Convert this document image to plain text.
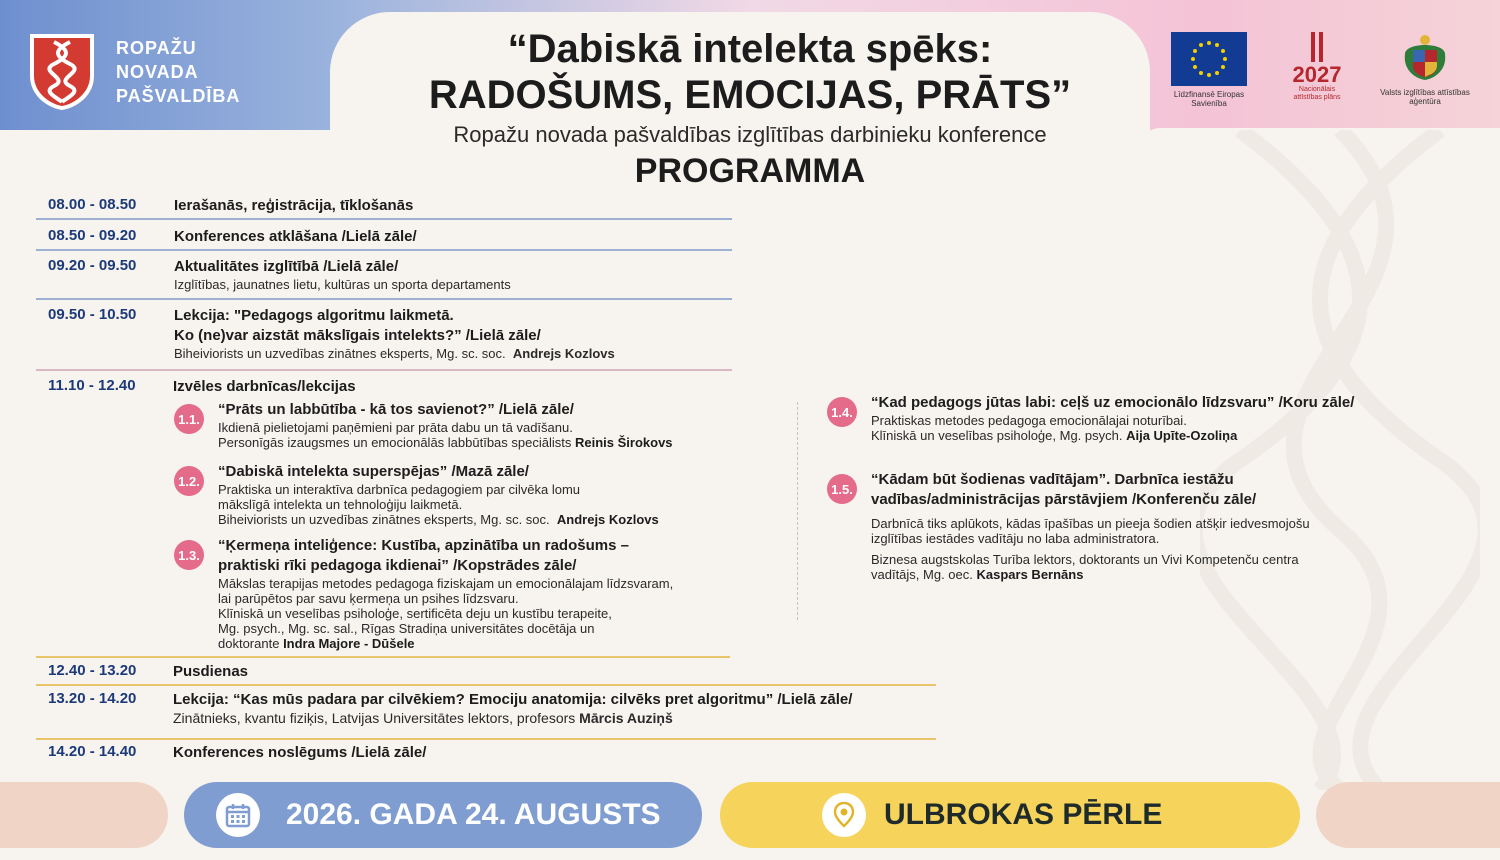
ROPAŽU
NOVADA
PAŠVALDĪBA
“Dabiskā intelekta spēks:
RADOŠUMS, EMOCIJAS, PRĀTS”
Ropažu novada pašvaldības izglītības darbinieku konference
PROGRAMMA
Līdzfinansē Eiropas Savienība
2027
Nacionālais attīstības plāns
Valsts izglītības attīstības aģentūra
08.00 - 08.50	Ierašanās, reģistrācija, tīklošanās
08.50 - 09.20	Konferences atklāšana /Lielā zāle/
09.20 - 09.50	Aktualitātes izglītībā /Lielā zāle/
Izglītības, jaunatnes lietu, kultūras un sporta departaments
09.50 - 10.50	Lekcija: "Pedagogs algoritmu laikmetā.
Ko (ne)var aizstāt mākslīgais intelekts?” /Lielā zāle/
Biheiviorists un uzvedības zinātnes eksperts, Mg. sc. soc. Andrejs Kozlovs
11.10 - 12.40 Izvēles darbnīcas/lekcijas
1.1.
“Prāts un labbūtība - kā tos savienot?” /Lielā zāle/
Ikdienā pielietojami paņēmieni par prāta dabu un tā vadīšanu.
Personīgās izaugsmes un emocionālās labbūtības speciālists Reinis Širokovs
1.2.
“Dabiskā intelekta superspējas” /Mazā zāle/
Praktiska un interaktīva darbnīca pedagogiem par cilvēka lomu
mākslīgā intelekta un tehnoloģiju laikmetā.
Biheiviorists un uzvedības zinātnes eksperts, Mg. sc. soc. Andrejs Kozlovs
1.3.
“Ķermeņa inteliģence: Kustība, apzinātība un radošums –
praktiski rīki pedagoga ikdienai” /Kopstrādes zāle/
Mākslas terapijas metodes pedagoga fiziskajam un emocionālajam līdzsvaram,
lai parūpētos par savu ķermeņa un psihes līdzsvaru.
Klīniskā un veselības psiholoģe, sertificēta deju un kustību terapeite,
Mg. psych., Mg. sc. sal., Rīgas Stradiņa universitātes docētāja un
doktorante Indra Majore - Dūšele
1.4.
“Kad pedagogs jūtas labi: ceļš uz emocionālo līdzsvaru” /Koru zāle/
Praktiskas metodes pedagoga emocionālajai noturībai.
Klīniskā un veselības psiholoģe, Mg. psych. Aija Upīte-Ozoliņa
1.5.
“Kādam būt šodienas vadītājam”. Darbnīca iestāžu
vadības/administrācijas pārstāvjiem /Konferenču zāle/
Darbnīcā tiks aplūkots, kādas īpašības un pieeja šodien atšķir iedvesmojošu
izglītības iestādes vadītāju no laba administratora.
Biznesa augstskolas Turība lektors, doktorants un Vivi Kompetenču centra
vadītājs, Mg. oec. Kaspars Bernāns
12.40 - 13.20 Pusdienas
13.20 - 14.20 Lekcija: “Kas mūs padara par cilvēkiem? Emociju anatomija: cilvēks pret algoritmu” /Lielā zāle/
Zinātnieks, kvantu fiziķis, Latvijas Universitātes lektors, profesors Mārcis Auziņš
14.20 - 14.40 Konferences noslēgums /Lielā zāle/
2026. GADA 24. AUGUSTS	ULBROKAS PĒRLE
